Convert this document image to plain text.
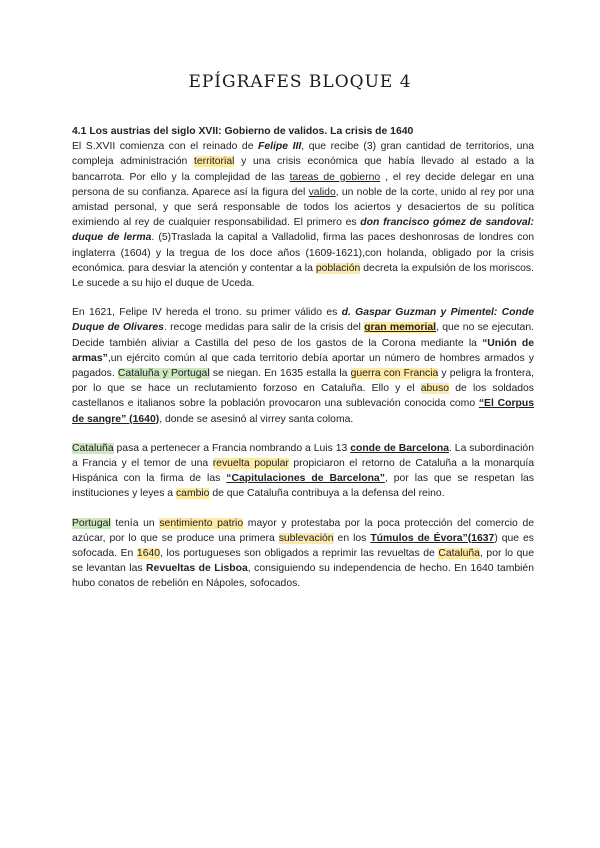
EPÍGRAFES BLOQUE 4
4.1 Los austrias del siglo XVII: Gobierno de validos. La crisis de 1640

El S.XVII comienza con el reinado de Felipe III, que recibe (3) gran cantidad de territorios, una compleja administración territorial y una crisis económica que había llevado al estado a la bancarrota. Por ello y la complejidad de las tareas de gobierno , el rey decide delegar en una persona de su confianza. Aparece así la figura del valido, un noble de la corte, unido al rey por una amistad personal, y que será responsable de todos los aciertos y desaciertos de su política eximiendo al rey de cualquier responsabilidad. El primero es don francisco gómez de sandoval: duque de lerma. (5)Traslada la capital a Valladolid, firma las paces deshonrosas de londres con inglaterra (1604) y la tregua de los doce años (1609-1621),con holanda, obligado por la crisis económica. para desviar la atención y contentar a la población decreta la expulsión de los moriscos. Le sucede a su hijo el duque de Uceda.

En 1621, Felipe IV hereda el trono. su primer válido es d. Gaspar Guzman y Pimentel: Conde Duque de Olivares. recoge medidas para salir de la crisis del gran memorial, que no se ejecutan. Decide también aliviar a Castilla del peso de los gastos de la Corona mediante la “Unión de armas”,un ejército común al que cada territorio debía aportar un número de hombres armados y pagados. Cataluña y Portugal se niegan. En 1635 estalla la guerra con Francia y peligra la frontera, por lo que se hace un reclutamiento forzoso en Cataluña. Ello y el abuso de los soldados castellanos e italianos sobre la población provocaron una sublevación conocida como “El Corpus de sangre” (1640), donde se asesinó al virrey santa coloma.

Cataluña pasa a pertenecer a Francia nombrando a Luis 13 conde de Barcelona. La subordinación a Francia y el temor de una revuelta popular propiciaron el retorno de Cataluña a la monarquía Hispánica con la firma de las “Capitulaciones de Barcelona”, por las que se respetan las instituciones y leyes a cambio de que Cataluña contribuya a la defensa del reino.

Portugal tenía un sentimiento patrio mayor y protestaba por la poca protección del comercio de azúcar, por lo que se produce una primera sublevación en los Túmulos de Évora”(1637) que es sofocada. En 1640, los portugueses son obligados a reprimir las revueltas de Cataluña, por lo que se levantan las Revueltas de Lisboa, consiguiendo su independencia de hecho. En 1640 también hubo conatos de rebelión en Nápoles, sofocados.
